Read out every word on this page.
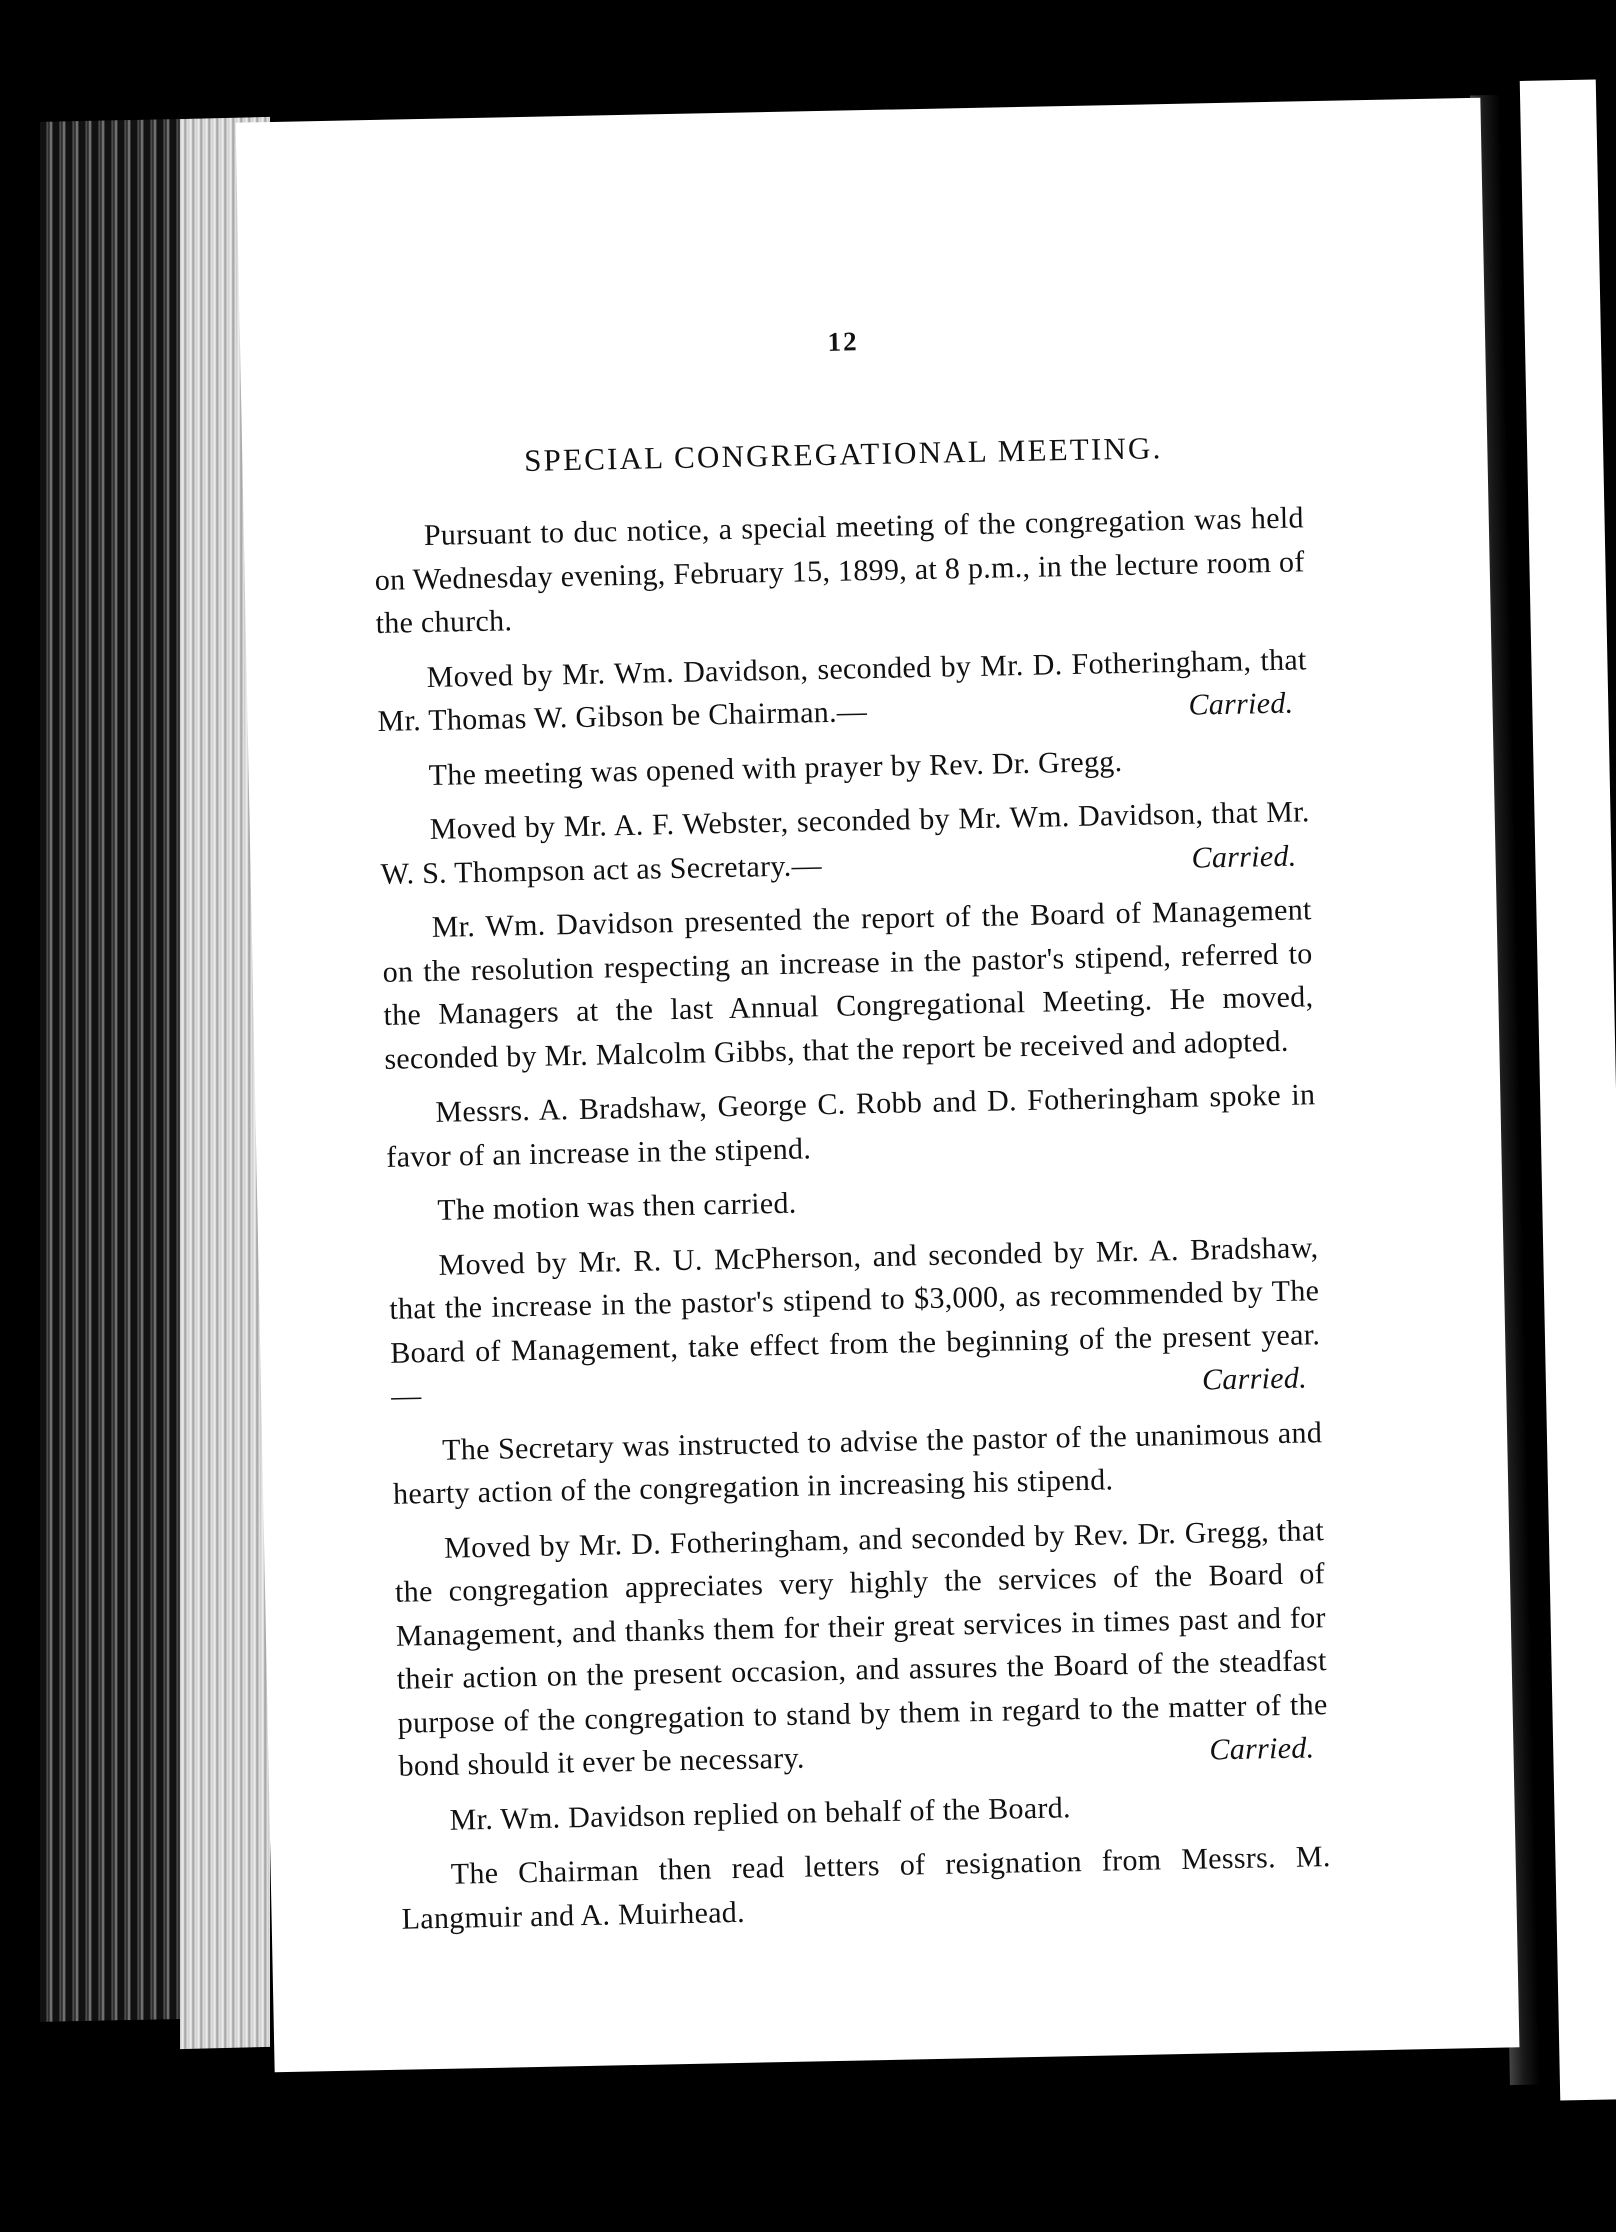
12
SPECIAL CONGREGATIONAL MEETING.

Pursuant to duc notice, a special meeting of the congregation was held on Wednesday evening, February 15, 1899, at 8 p.m., in the lecture room of the church.

Moved by Mr. Wm. Davidson, seconded by Mr. D. Fotheringham, that Mr. Thomas W. Gibson be Chairman.—	Carried.

The meeting was opened with prayer by Rev. Dr. Gregg.

Moved by Mr. A. F. Webster, seconded by Mr. Wm. Davidson, that Mr. W. S. Thompson act as Secretary.—	Carried.

Mr. Wm. Davidson presented the report of the Board of Management on the resolution respecting an increase in the pastor's stipend, referred to the Managers at the last Annual Congregational Meeting. He moved, seconded by Mr. Malcolm Gibbs, that the report be received and adopted.

Messrs. A. Bradshaw, George C. Robb and D. Fotheringham spoke in favor of an increase in the stipend.

The motion was then carried.

Moved by Mr. R. U. McPherson, and seconded by Mr. A. Bradshaw, that the increase in the pastor's stipend to $3,000, as recommended by The Board of Management, take effect from the beginning of the present year.—	Carried.

The Secretary was instructed to advise the pastor of the unanimous and hearty action of the congregation in increasing his stipend.

Moved by Mr. D. Fotheringham, and seconded by Rev. Dr. Gregg, that the congregation appreciates very highly the services of the Board of Management, and thanks them for their great services in times past and for their action on the present occasion, and assures the Board of the steadfast purpose of the congregation to stand by them in regard to the matter of the bond should it ever be necessary.	Carried.

Mr. Wm. Davidson replied on behalf of the Board.

The Chairman then read letters of resignation from Messrs. M. Langmuir and A. Muirhead.
